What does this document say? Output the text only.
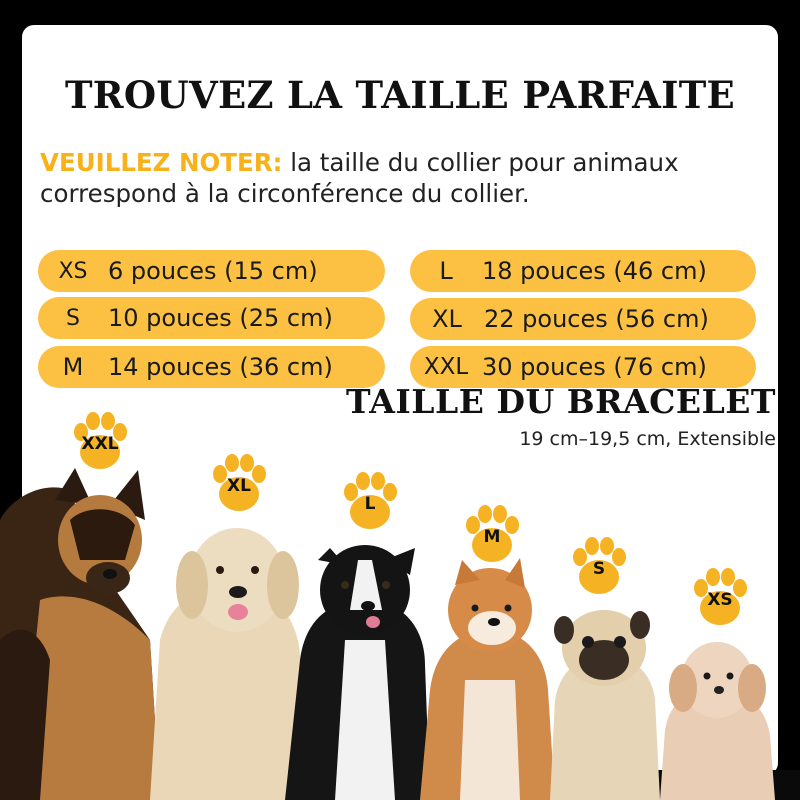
TROUVEZ LA TAILLE PARFAITE
VEUILLEZ NOTER: la taille du collier pour animaux correspond à la circonférence du collier.
XS 6 pouces (15 cm)
S	10 pouces (25 cm)
M	14 pouces (36 cm)
L	18 pouces (46 cm)
XL 22 pouces (56 cm)
XXL 30 pouces (76 cm)
TAILLE DU BRACELET
19 cm–19,5 cm, Extensible
XXL
XL
L
M
S
XS
